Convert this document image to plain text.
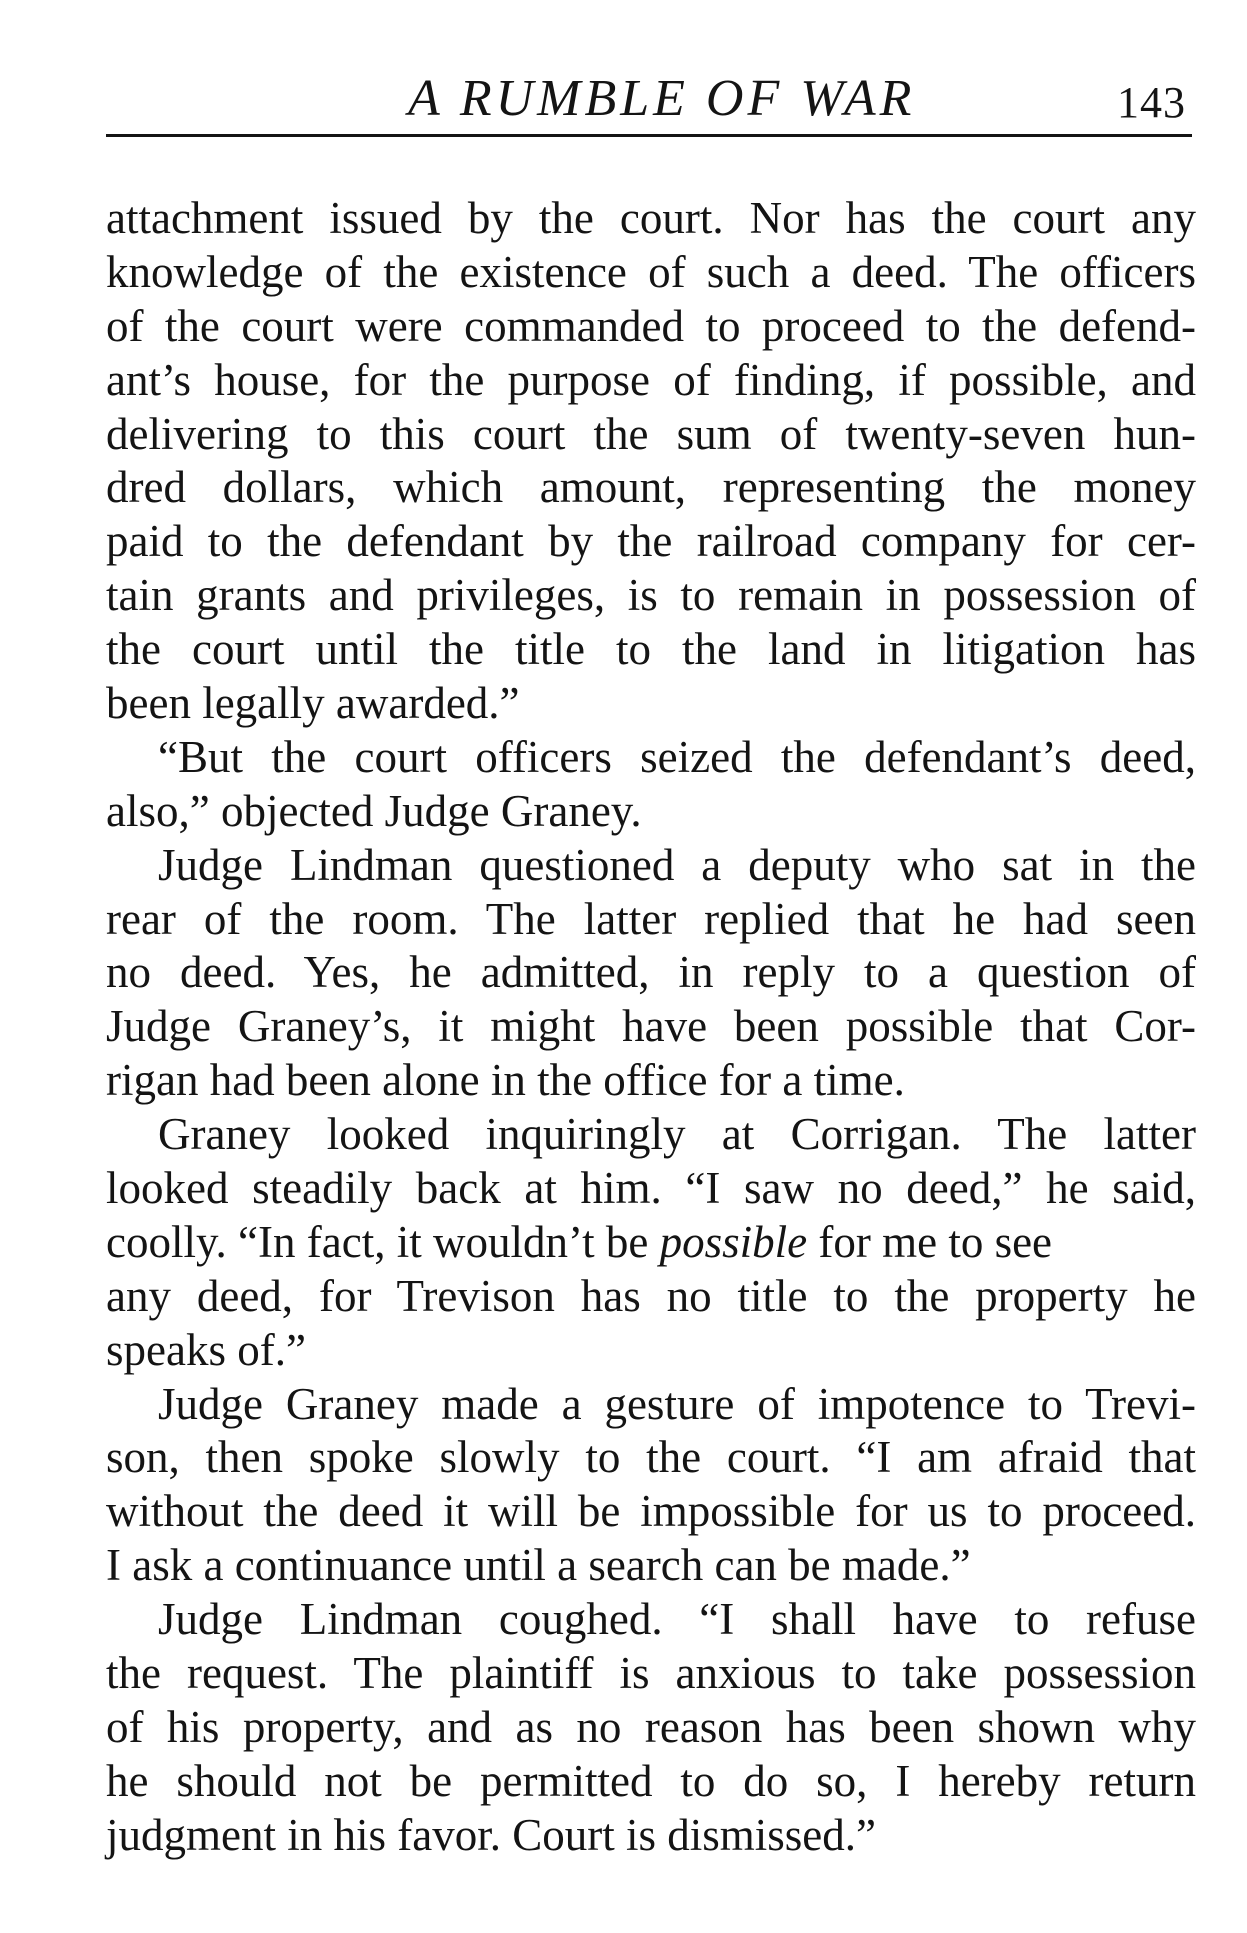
A RUMBLE OF WAR	143
attachment issued by the court. Nor has the court any
knowledge of the existence of such a deed. The officers
of the court were commanded to proceed to the defend-
ant’s house, for the purpose of finding, if possible, and
delivering to this court the sum of twenty-seven hun-
dred dollars, which amount, representing the money
paid to the defendant by the railroad company for cer-
tain grants and privileges, is to remain in possession of
the court until the title to the land in litigation has
been legally awarded.”
“But the court officers seized the defendant’s deed,
also,” objected Judge Graney.
Judge Lindman questioned a deputy who sat in the
rear of the room. The latter replied that he had seen
no deed. Yes, he admitted, in reply to a question of
Judge Graney’s, it might have been possible that Cor-
rigan had been alone in the office for a time.
Graney looked inquiringly at Corrigan. The latter
looked steadily back at him. “I saw no deed,” he said,
coolly. “In fact, it wouldn’t be possible for me to see
any deed, for Trevison has no title to the property he
speaks of.”
Judge Graney made a gesture of impotence to Trevi-
son, then spoke slowly to the court. “I am afraid that
without the deed it will be impossible for us to proceed.
I ask a continuance until a search can be made.”
Judge Lindman coughed. “I shall have to refuse
the request. The plaintiff is anxious to take possession
of his property, and as no reason has been shown why
he should not be permitted to do so, I hereby return
judgment in his favor. Court is dismissed.”
